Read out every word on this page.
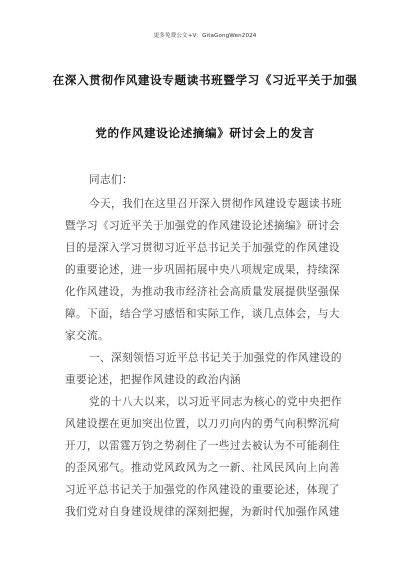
更多免费公文+V：GitaGongWen2024
在深入贯彻作风建设专题读书班暨学习《习近平关于加强
党的作风建设论述摘编》研讨会上的发言
同志们：
今天，我们在这里召开深入贯彻作风建设专题读书班
暨学习《习近平关于加强党的作风建设论述摘编》研讨会
目的是深入学习贯彻习近平总书记关于加强党的作风建设
的重要论述，进一步巩固拓展中央八项规定成果，持续深
化作风建设，为推动我市经济社会高质量发展提供坚强保
障。下面，结合学习感悟和实际工作，谈几点体会，与大
家交流。
一、深刻领悟习近平总书记关于加强党的作风建设的
重要论述，把握作风建设的政治内涵
党的十八大以来，以习近平同志为核心的党中央把作
风建设摆在更加突出位置，以刀刃向内的勇气向积弊沉疴
开刀，以雷霆万钧之势刹住了一些过去被认为不可能刹住
的歪风邪气。推动党风政风为之一新、社风民风向上向善
习近平总书记关于加强党的作风建设的重要论述，体现了
我们党对自身建设规律的深刻把握，为新时代加强作风建
